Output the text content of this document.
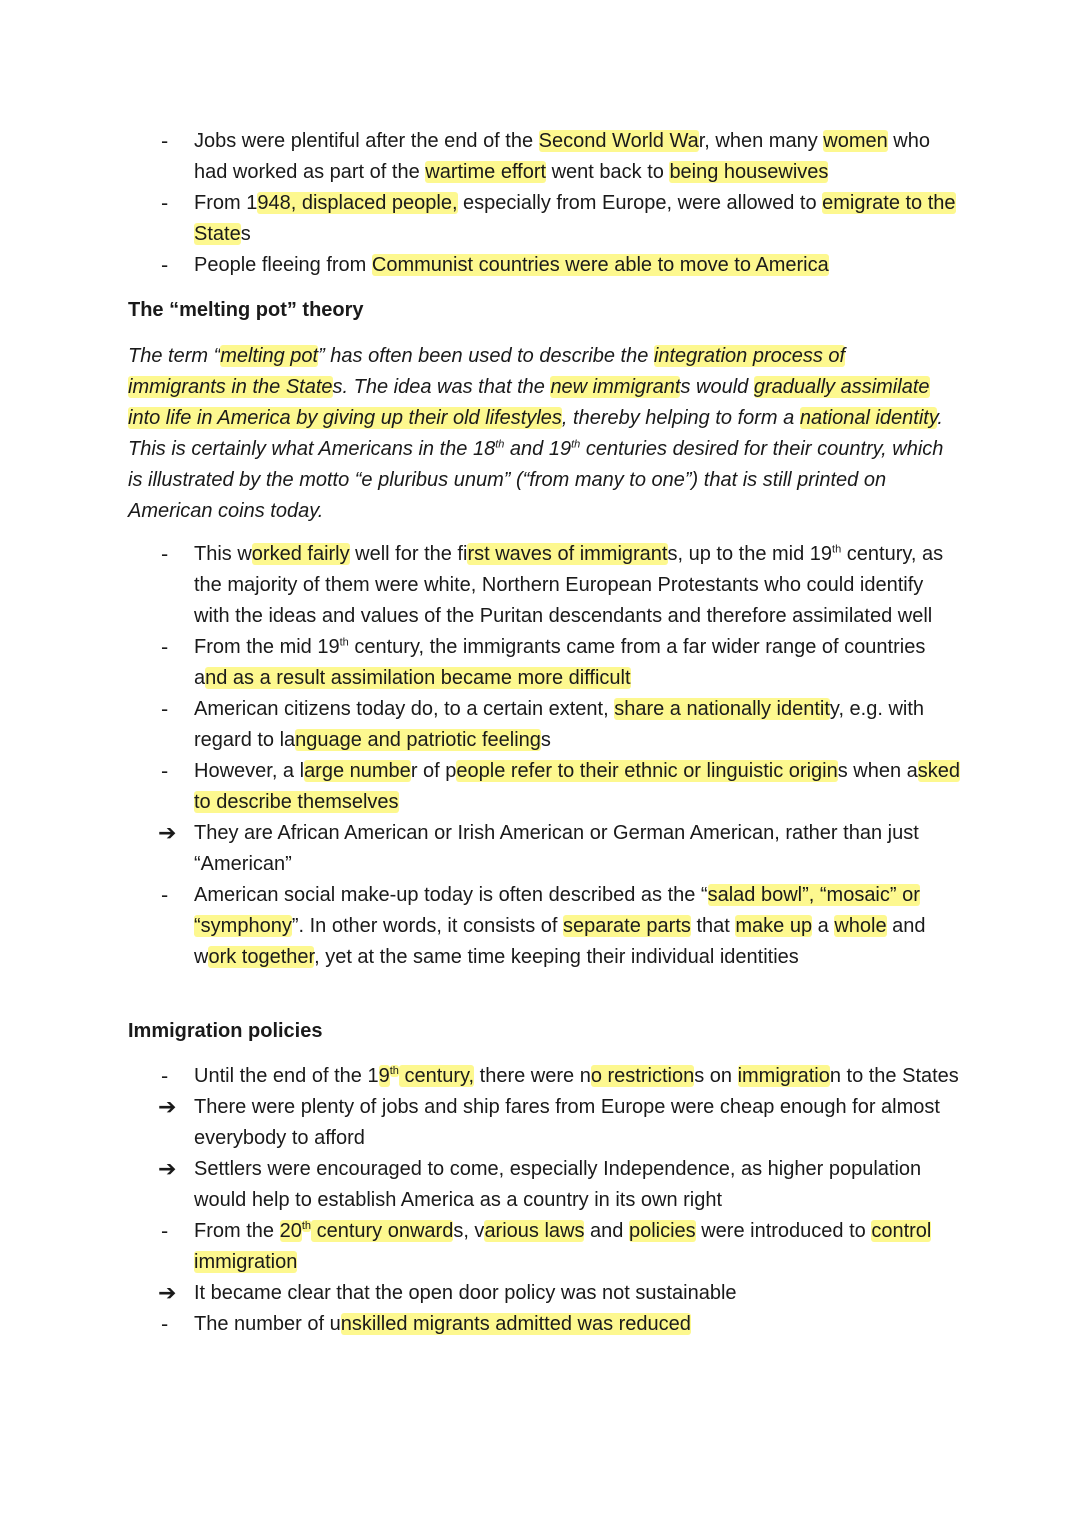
-	Jobs were plentiful after the end of the Second World War, when many women who had worked as part of the wartime effort went back to being housewives
-	From 1948, displaced people, especially from Europe, were allowed to emigrate to the States
-	People fleeing from Communist countries were able to move to America
The “melting pot” theory

The term “melting pot” has often been used to describe the integration process of immigrants in the States. The idea was that the new immigrants would gradually assimilate into life in America by giving up their old lifestyles, thereby helping to form a national identity. This is certainly what Americans in the 18th and 19th centuries desired for their country, which is illustrated by the motto “e pluribus unum” (“from many to one”) that is still printed on American coins today.

-	This worked fairly well for the first waves of immigrants, up to the mid 19th century, as the majority of them were white, Northern European Protestants who could identify with the ideas and values of the Puritan descendants and therefore assimilated well
-	From the mid 19th century, the immigrants came from a far wider range of countries and as a result assimilation became more difficult
-	American citizens today do, to a certain extent, share a nationally identity, e.g. with regard to language and patriotic feelings
-	However, a large number of people refer to their ethnic or linguistic origins when asked to describe themselves
➔ They are African American or Irish American or German American, rather than just “American”
-	American social make-up today is often described as the “salad bowl”, “mosaic” or “symphony”. In other words, it consists of separate parts that make up a whole and work together, yet at the same time keeping their individual identities
Immigration policies
-	Until the end of the 19th century, there were no restrictions on immigration to the States
➔ There were plenty of jobs and ship fares from Europe were cheap enough for almost everybody to afford
➔ Settlers were encouraged to come, especially Independence, as higher population would help to establish America as a country in its own right
-	From the 20th century onwards, various laws and policies were introduced to control immigration
➔ It became clear that the open door policy was not sustainable
-	The number of unskilled migrants admitted was reduced
